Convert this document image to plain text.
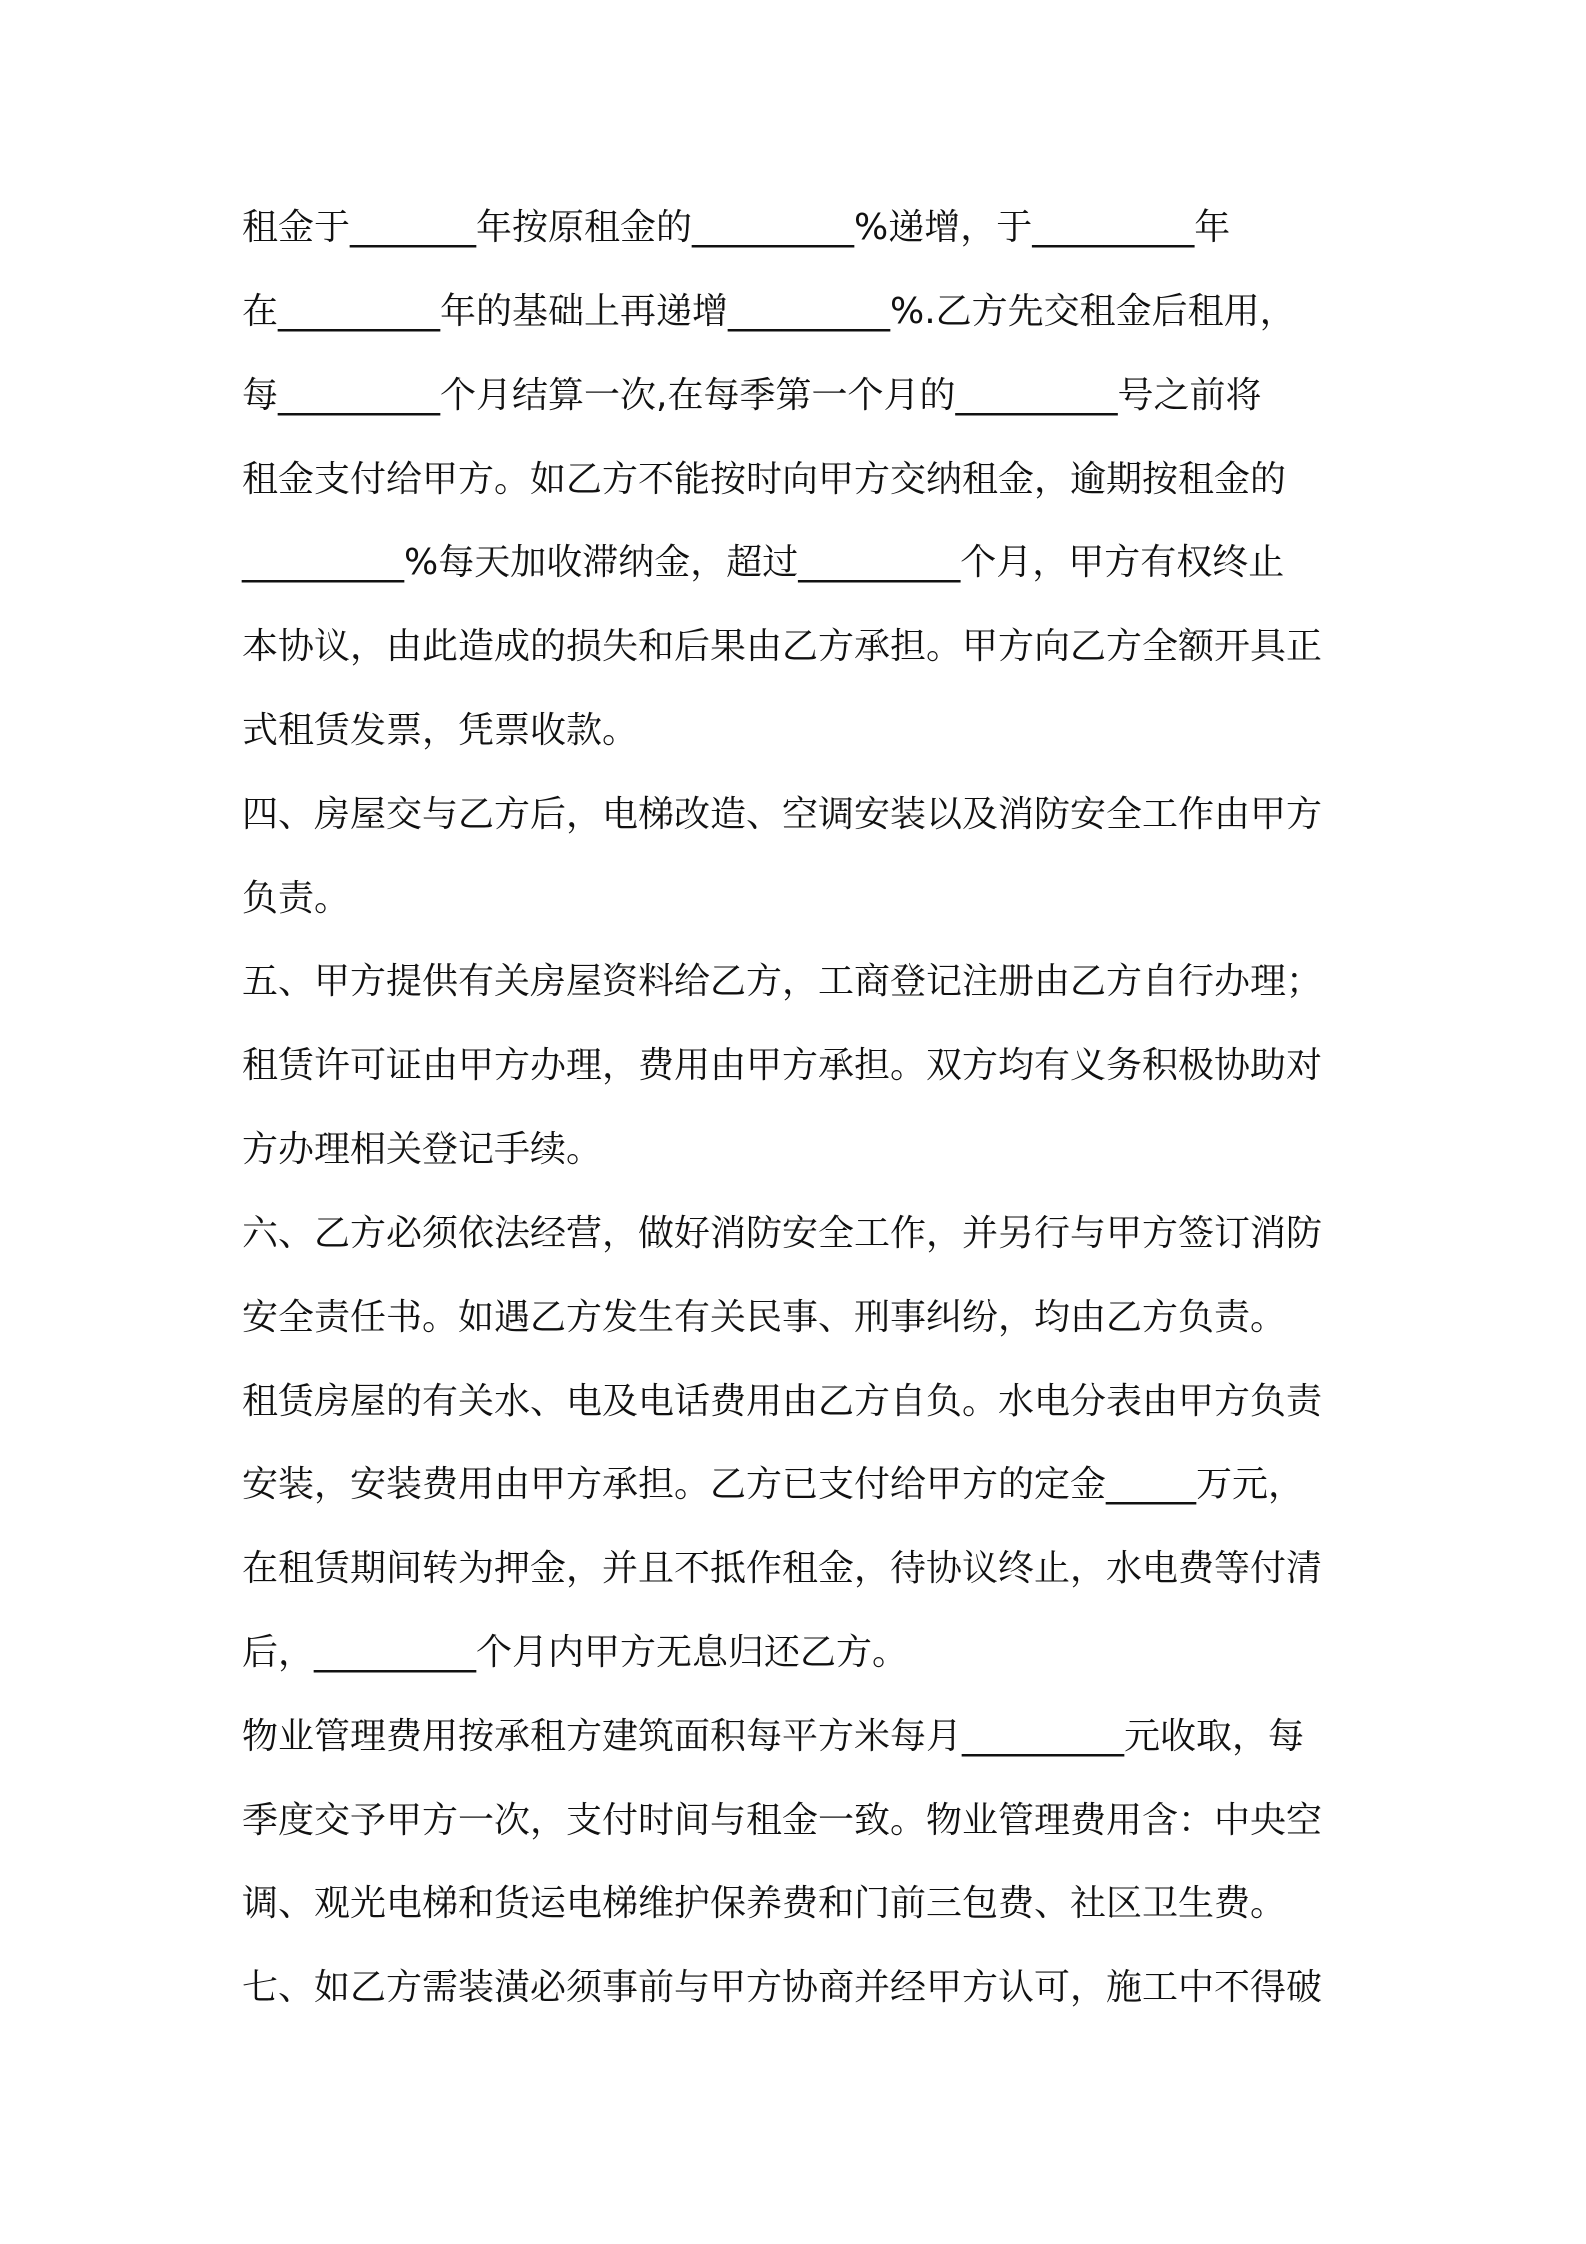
租金于_______年按原租金的_________%递增，于_________年
在_________年的基础上再递增_________%.乙方先交租金后租用，
每_________个月结算一次,在每季第一个月的_________号之前将
租金支付给甲方。如乙方不能按时向甲方交纳租金，逾期按租金的
_________%每天加收滞纳金，超过_________个月，甲方有权终止
本协议，由此造成的损失和后果由乙方承担。甲方向乙方全额开具正
式租赁发票，凭票收款。
四、房屋交与乙方后，电梯改造、空调安装以及消防安全工作由甲方
负责。
五、甲方提供有关房屋资料给乙方，工商登记注册由乙方自行办理；
租赁许可证由甲方办理，费用由甲方承担。双方均有义务积极协助对
方办理相关登记手续。
六、乙方必须依法经营，做好消防安全工作，并另行与甲方签订消防
安全责任书。如遇乙方发生有关民事、刑事纠纷，均由乙方负责。
租赁房屋的有关水、电及电话费用由乙方自负。水电分表由甲方负责
安装，安装费用由甲方承担。乙方已支付给甲方的定金_____万元，
在租赁期间转为押金，并且不抵作租金，待协议终止，水电费等付清
后，_________个月内甲方无息归还乙方。
物业管理费用按承租方建筑面积每平方米每月_________元收取，每
季度交予甲方一次，支付时间与租金一致。物业管理费用含：中央空
调、观光电梯和货运电梯维护保养费和门前三包费、社区卫生费。
七、如乙方需装潢必须事前与甲方协商并经甲方认可，施工中不得破
